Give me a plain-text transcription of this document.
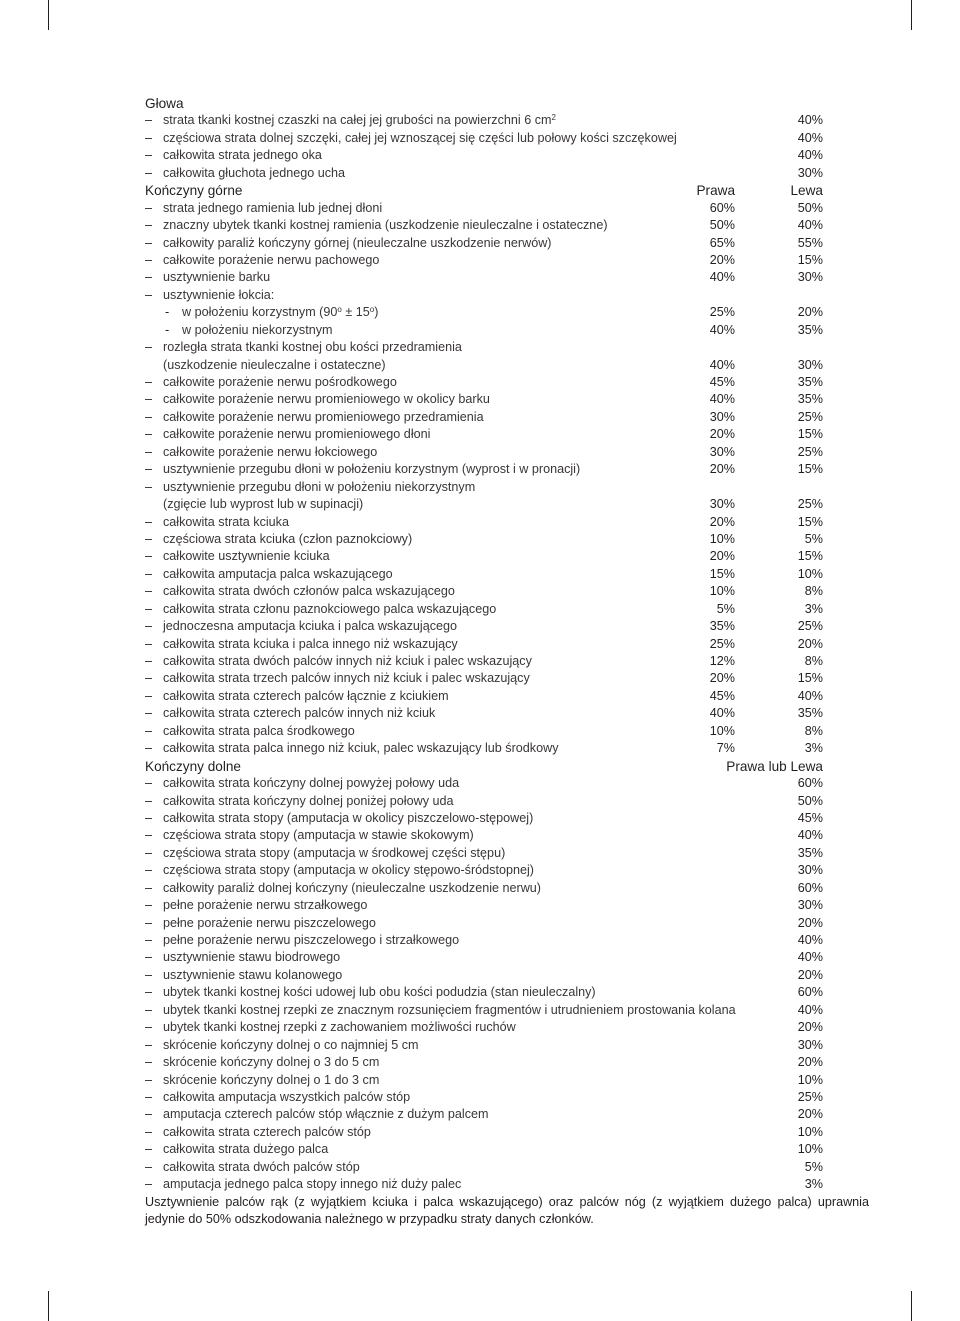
Głowa
– strata tkanki kostnej czaszki na całej jej grubości na powierzchni 6 $cm^2$	40%
– częściowa strata dolnej szczęki, całej jej wznoszącej się części lub połowy kości szczękowej	40%
– całkowita strata jednego oka	40%
– całkowita głuchota jednego ucha	30%
Kończyny górne	Prawa	Lewa
– strata jednego ramienia lub jednej dłoni	60%	50%
– znaczny ubytek tkanki kostnej ramienia (uszkodzenie nieuleczalne i ostateczne)	50%	40%
– całkowity paraliż kończyny górnej (nieuleczalne uszkodzenie nerwów)	65%	55%
– całkowite porażenie nerwu pachowego	20%	15%
– usztywnienie barku	40%	30%
– usztywnienie łokcia:
- w położeniu korzystnym $(90^o \pm 15^o)$	25%	20%
- w położeniu niekorzystnym	40%	35%
– rozległa strata tkanki kostnej obu kości przedramienia
(uszkodzenie nieuleczalne i ostateczne)	40%	30%
– całkowite porażenie nerwu pośrodkowego	45%	35%
– całkowite porażenie nerwu promieniowego w okolicy barku	40%	35%
– całkowite porażenie nerwu promieniowego przedramienia	30%	25%
– całkowite porażenie nerwu promieniowego dłoni	20%	15%
– całkowite porażenie nerwu łokciowego	30%	25%
– usztywnienie przegubu dłoni w położeniu korzystnym (wyprost i w pronacji)	20%	15%
– usztywnienie przegubu dłoni w położeniu niekorzystnym
(zgięcie lub wyprost lub w supinacji)	30%	25%
– całkowita strata kciuka	20%	15%
– częściowa strata kciuka (człon paznokciowy)	10%	5%
– całkowite usztywnienie kciuka	20%	15%
– całkowita amputacja palca wskazującego	15%	10%
– całkowita strata dwóch członów palca wskazującego	10%	8%
– całkowita strata członu paznokciowego palca wskazującego	5%	3%
– jednoczesna amputacja kciuka i palca wskazującego	35%	25%
– całkowita strata kciuka i palca innego niż wskazujący	25%	20%
– całkowita strata dwóch palców innych niż kciuk i palec wskazujący	12%	8%
– całkowita strata trzech palców innych niż kciuk i palec wskazujący	20%	15%
– całkowita strata czterech palców łącznie z kciukiem	45%	40%
– całkowita strata czterech palców innych niż kciuk	40%	35%
– całkowita strata palca środkowego	10%	8%
– całkowita strata palca innego niż kciuk, palec wskazujący lub środkowy	7%	3%
Kończyny dolne	Prawa lub Lewa
– całkowita strata kończyny dolnej powyżej połowy uda	60%
– całkowita strata kończyny dolnej poniżej połowy uda	50%
– całkowita strata stopy (amputacja w okolicy piszczelowo-stępowej)	45%
– częściowa strata stopy (amputacja w stawie skokowym)	40%
– częściowa strata stopy (amputacja w środkowej części stępu)	35%
– częściowa strata stopy (amputacja w okolicy stępowo-śródstopnej)	30%
– całkowity paraliż dolnej kończyny (nieuleczalne uszkodzenie nerwu)	60%
– pełne porażenie nerwu strzałkowego	30%
– pełne porażenie nerwu piszczelowego	20%
– pełne porażenie nerwu piszczelowego i strzałkowego	40%
– usztywnienie stawu biodrowego	40%
– usztywnienie stawu kolanowego	20%
– ubytek tkanki kostnej kości udowej lub obu kości podudzia (stan nieuleczalny)	60%
– ubytek tkanki kostnej rzepki ze znacznym rozsunięciem fragmentów i utrudnieniem prostowania kolana	40%
– ubytek tkanki kostnej rzepki z zachowaniem możliwości ruchów	20%
– skrócenie kończyny dolnej o co najmniej 5 cm	30%
– skrócenie kończyny dolnej o 3 do 5 cm	20%
– skrócenie kończyny dolnej o 1 do 3 cm	10%
– całkowita amputacja wszystkich palców stóp	25%
– amputacja czterech palców stóp włącznie z dużym palcem	20%
– całkowita strata czterech palców stóp	10%
– całkowita strata dużego palca	10%
– całkowita strata dwóch palców stóp	5%
– amputacja jednego palca stopy innego niż duży palec	3%
Usztywnienie palców rąk (z wyjątkiem kciuka i palca wskazującego) oraz palców nóg (z wyjątkiem dużego palca) uprawnia jedynie do 50% odszkodowania należnego w przypadku straty danych członków.
